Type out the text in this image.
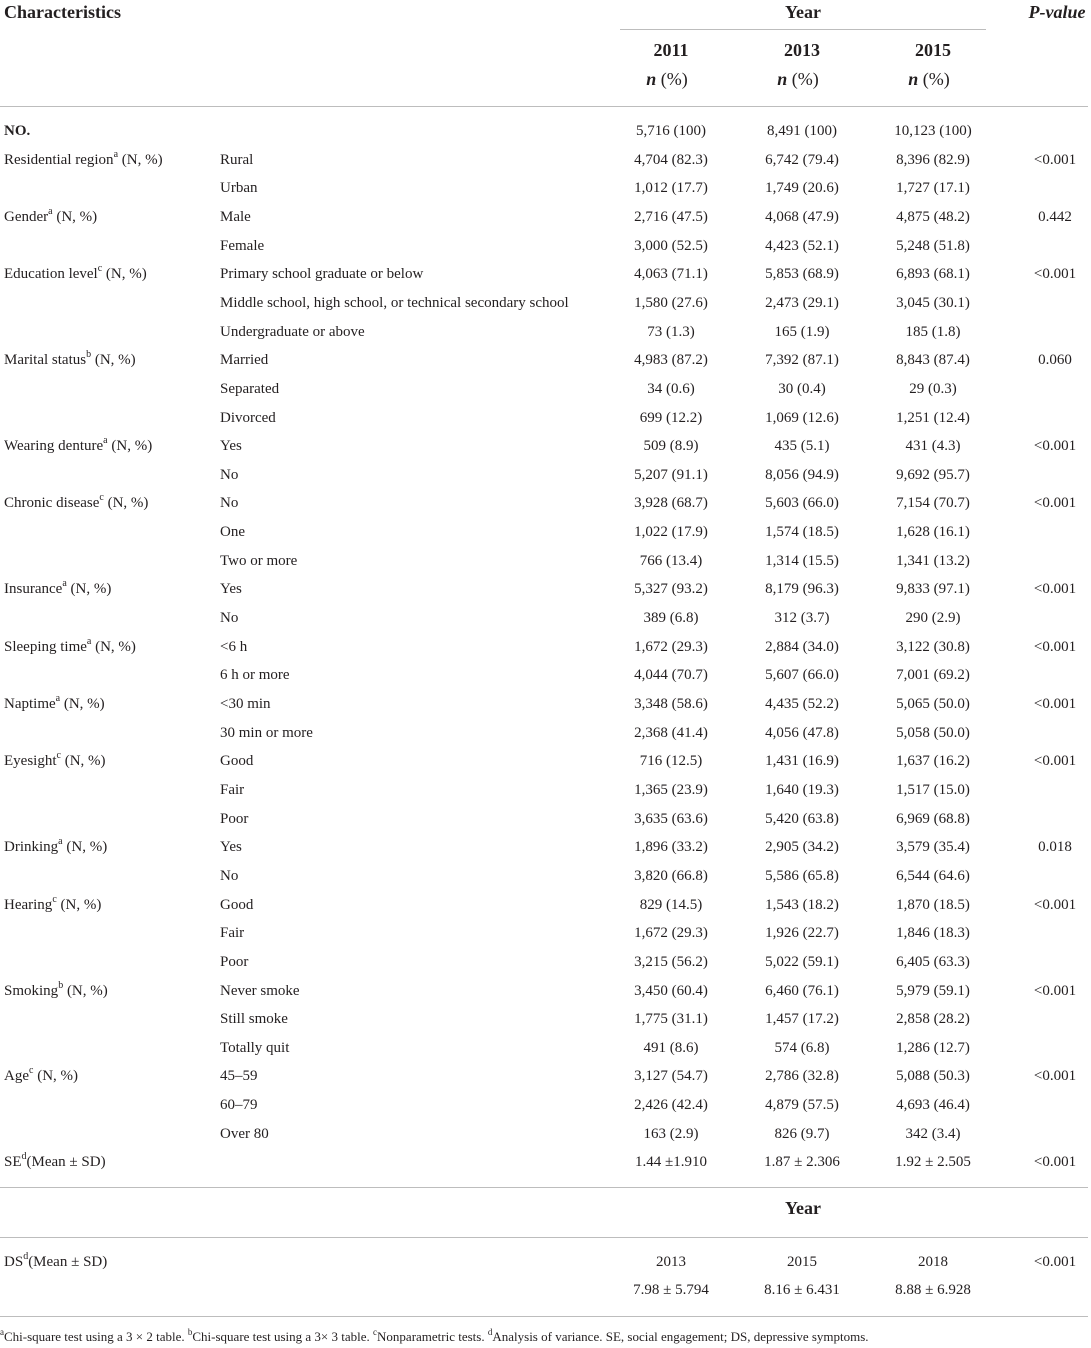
Characteristics	Year	P-value
2011	2013	2015
n (%)	n (%)	n (%)
NO.	5,716 (100)	8,491 (100)	10,123 (100)
Residential region$^a$ (N, %)	Rural	4,704 (82.3)	6,742 (79.4)	8,396 (82.9)	<0.001
Urban	1,012 (17.7)	1,749 (20.6)	1,727 (17.1)
Gender$^a$ (N, %)	Male	2,716 (47.5)	4,068 (47.9)	4,875 (48.2)	0.442
Female	3,000 (52.5)	4,423 (52.1)	5,248 (51.8)
Education level$^c$ (N, %)	Primary school graduate or below	4,063 (71.1)	5,853 (68.9)	6,893 (68.1)	<0.001
Middle school, high school, or technical secondary school	1,580 (27.6)	2,473 (29.1)	3,045 (30.1)
Undergraduate or above	73 (1.3)	165 (1.9)	185 (1.8)
Marital status$^b$ (N, %)	Married	4,983 (87.2)	7,392 (87.1)	8,843 (87.4)	0.060
Separated	34 (0.6)	30 (0.4)	29 (0.3)
Divorced	699 (12.2)	1,069 (12.6)	1,251 (12.4)
Wearing denture$^a$ (N, %)	Yes	509 (8.9)	435 (5.1)	431 (4.3)	<0.001
No	5,207 (91.1)	8,056 (94.9)	9,692 (95.7)
Chronic disease$^c$ (N, %)	No	3,928 (68.7)	5,603 (66.0)	7,154 (70.7)	<0.001
One	1,022 (17.9)	1,574 (18.5)	1,628 (16.1)
Two or more	766 (13.4)	1,314 (15.5)	1,341 (13.2)
Insurance$^a$ (N, %)	Yes	5,327 (93.2)	8,179 (96.3)	9,833 (97.1)	<0.001
No	389 (6.8)	312 (3.7)	290 (2.9)
Sleeping time$^a$ (N, %)	<6 h	1,672 (29.3)	2,884 (34.0)	3,122 (30.8)	<0.001
6 h or more	4,044 (70.7)	5,607 (66.0)	7,001 (69.2)
Naptime$^a$ (N, %)	<30 min	3,348 (58.6)	4,435 (52.2)	5,065 (50.0)	<0.001
30 min or more	2,368 (41.4)	4,056 (47.8)	5,058 (50.0)
Eyesight$^c$ (N, %)	Good	716 (12.5)	1,431 (16.9)	1,637 (16.2)	<0.001
Fair	1,365 (23.9)	1,640 (19.3)	1,517 (15.0)
Poor	3,635 (63.6)	5,420 (63.8)	6,969 (68.8)
Drinking$^a$ (N, %)	Yes	1,896 (33.2)	2,905 (34.2)	3,579 (35.4)	0.018
No	3,820 (66.8)	5,586 (65.8)	6,544 (64.6)
Hearing$^c$ (N, %)	Good	829 (14.5)	1,543 (18.2)	1,870 (18.5)	<0.001
Fair	1,672 (29.3)	1,926 (22.7)	1,846 (18.3)
Poor	3,215 (56.2)	5,022 (59.1)	6,405 (63.3)
Smoking$^b$ (N, %)	Never smoke	3,450 (60.4)	6,460 (76.1)	5,979 (59.1)	<0.001
Still smoke	1,775 (31.1)	1,457 (17.2)	2,858 (28.2)
Totally quit	491 (8.6)	574 (6.8)	1,286 (12.7)
Age$^c$ (N, %)	45–59	3,127 (54.7)	2,786 (32.8)	5,088 (50.3)	<0.001
60–79	2,426 (42.4)	4,879 (57.5)	4,693 (46.4)
Over 80	163 (2.9)	826 (9.7)	342 (3.4)
$SE^d(Mean \pm SD)$	1.44 ±1.910	1.87 ± 2.306	1.92 ± 2.505	<0.001
Year
$DS^d(Mean \pm SD)$	2013	2015	2018	<0.001
7.98 ± 5.794	8.16 ± 6.431	8.88 ± 6.928
$^a$Chi-square test using a 3 × 2 table. $^b$Chi-square test using a 3× 3 table. $^c$Nonparametric tests. $^d$Analysis of variance. SE, social engagement; DS, depressive symptoms.
